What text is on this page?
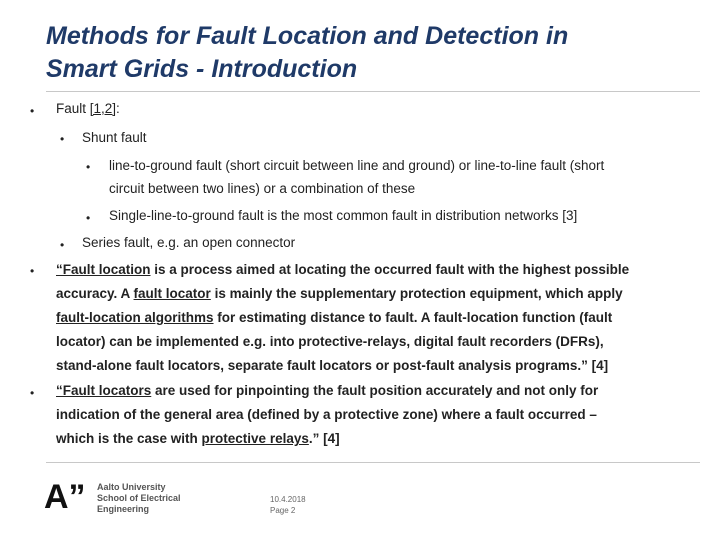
Methods for Fault Location and Detection in
Smart Grids - Introduction
• Fault [1,2]:
• Shunt fault
• line-to-ground fault (short circuit between line and ground) or line-to-line fault (short
circuit between two lines) or a combination of these
• Single-line-to-ground fault is the most common fault in distribution networks [3]
• Series fault, e.g. an open connector
• “Fault location is a process aimed at locating the occurred fault with the highest possible
accuracy. A fault locator is mainly the supplementary protection equipment, which apply
fault-location algorithms for estimating distance to fault. A fault-location function (fault
locator) can be implemented e.g. into protective-relays, digital fault recorders (DFRs),
stand-alone fault locators, separate fault locators or post-fault analysis programs.” [4]
• “Fault locators are used for pinpointing the fault position accurately and not only for
indication of the general area (defined by a protective zone) where a fault occurred –
which is the case with protective relays.” [4]
A” Aalto University
School of Electrical
Engineering
10.4.2018
Page 2
